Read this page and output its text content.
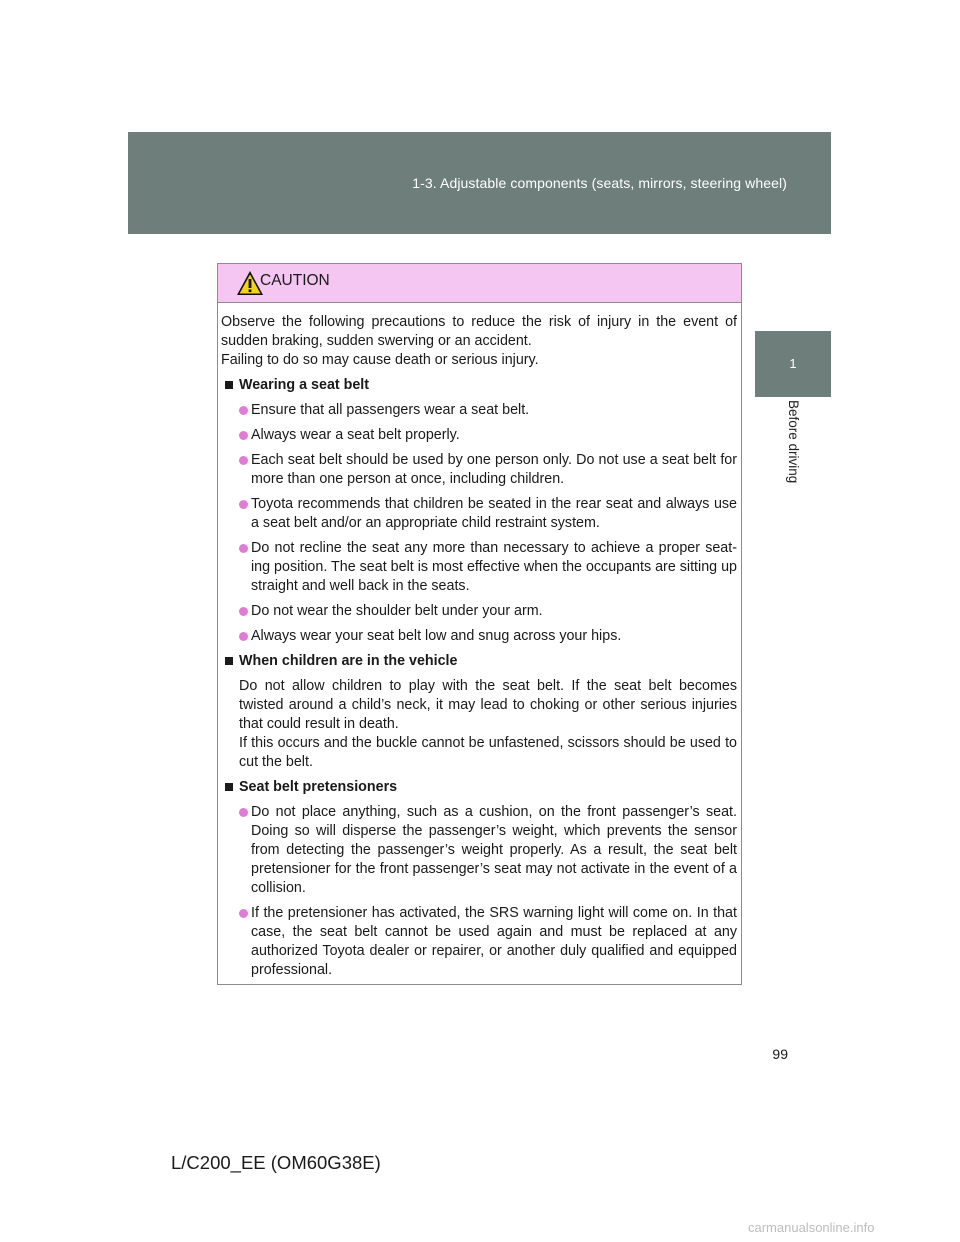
1-3. Adjustable components (seats, mirrors, steering wheel)
1
Before driving
CAUTION

Observe the following precautions to reduce the risk of injury in the event of sudden braking, sudden swerving or an accident.

Failing to do so may cause death or serious injury.

Wearing a seat belt
Ensure that all passengers wear a seat belt.
Always wear a seat belt properly.
Each seat belt should be used by one person only. Do not use a seat belt for more than one person at once, including children.
Toyota recommends that children be seated in the rear seat and always use a seat belt and/or an appropriate child restraint system.
Do not recline the seat any more than necessary to achieve a proper seat-ing position. The seat belt is most effective when the occupants are sitting up straight and well back in the seats.
Do not wear the shoulder belt under your arm.
Always wear your seat belt low and snug across your hips.
When children are in the vehicle
Do not allow children to play with the seat belt. If the seat belt becomes twisted around a child’s neck, it may lead to choking or other serious injuries that could result in death.
If this occurs and the buckle cannot be unfastened, scissors should be used to cut the belt.
Seat belt pretensioners
Do not place anything, such as a cushion, on the front passenger’s seat. Doing so will disperse the passenger’s weight, which prevents the sensor from detecting the passenger’s weight properly. As a result, the seat belt pretensioner for the front passenger’s seat may not activate in the event of a collision.
If the pretensioner has activated, the SRS warning light will come on. In that case, the seat belt cannot be used again and must be replaced at any authorized Toyota dealer or repairer, or another duly qualified and equipped professional.
99
L/C200_EE (OM60G38E)
carmanualsonline.info
